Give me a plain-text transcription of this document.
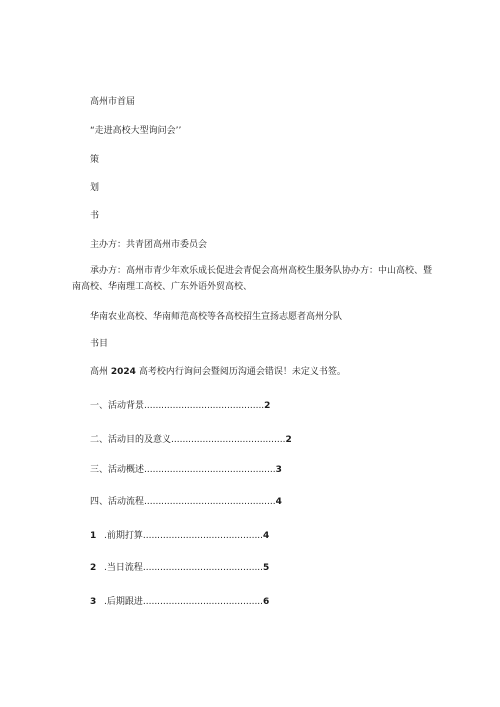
高州市首届
“走进高校大型询问会’’
策
划
书
主办方：共青团高州市委员会
承办方：高州市青少年欢乐成长促进会青促会高州高校生服务队协办方：中山高校、暨南高校、华南理工高校、广东外语外贸高校、
华南农业高校、华南师范高校等各高校招生宣扬志愿者高州分队
书目
高州 2024 高考校内行询问会暨阅历沟通会错误！未定义书签。
一、活动背景..........................................2
二、活动目的及意义........................................2
三、活动概述..............................................3
四、活动流程..............................................4
1 .前期打算..........................................4
2 .当日流程..........................................5
3 .后期跟进..........................................6
